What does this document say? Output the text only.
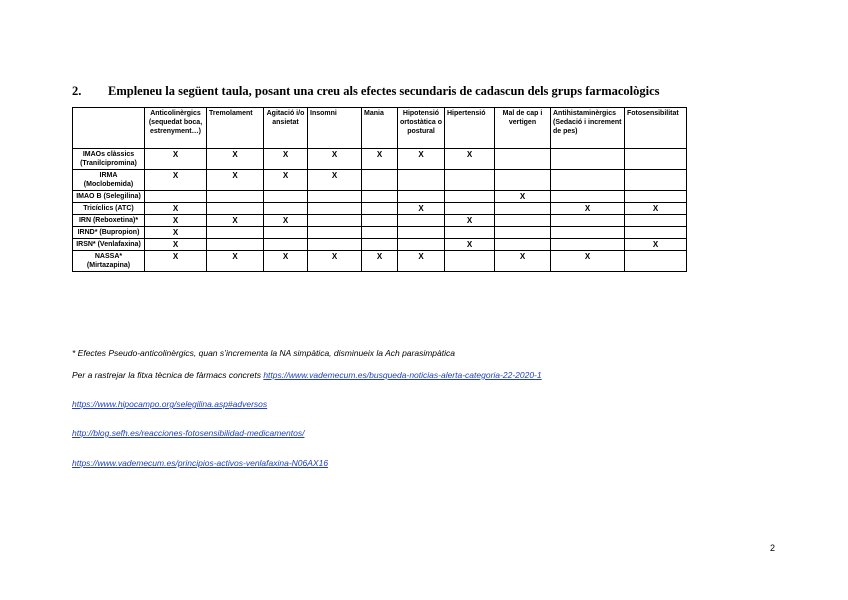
2. Empleneu la següent taula, posant una creu als efectes secundaris de cadascun dels grups farmacològics
	Anticolinèrgics (sequedat boca, estrenyment…)	Tremolament	Agitació i/o ansietat	Insomni	Mania	Hipotensió ortostàtica o postural	Hipertensió	Mal de cap i vertigen	Antihistaminèrgics (Sedació i increment de pes)	Fotosensibilitat
IMAOs clàssics (Tranilcipromina)	X	X	X	X	X	X	X			
IRMA (Moclobemida)	X	X	X	X						
IMAO B (Selegilina)								X		
Tricíclics (ATC)	X					X			X	X
IRN (Reboxetina)*	X	X	X				X			
IRND* (Bupropion)	X									
IRSN* (Venlafaxina)	X						X			X
NASSA* (Mirtazapina)	X	X	X	X	X	X		X	X	
* Efectes Pseudo-anticolinèrgics, quan s’incrementa la NA simpàtica, disminueix la Ach parasimpàtica
Per a rastrejar la fitxa tècnica de fàrmacs concrets https://www.vademecum.es/busqueda-noticias-alerta-categoria-22-2020-1
https://www.hipocampo.org/selegilina.asp#adversos
http://blog.sefh.es/reacciones-fotosensibilidad-medicamentos/
https://www.vademecum.es/principios-activos-venlafaxina-N06AX16
2
